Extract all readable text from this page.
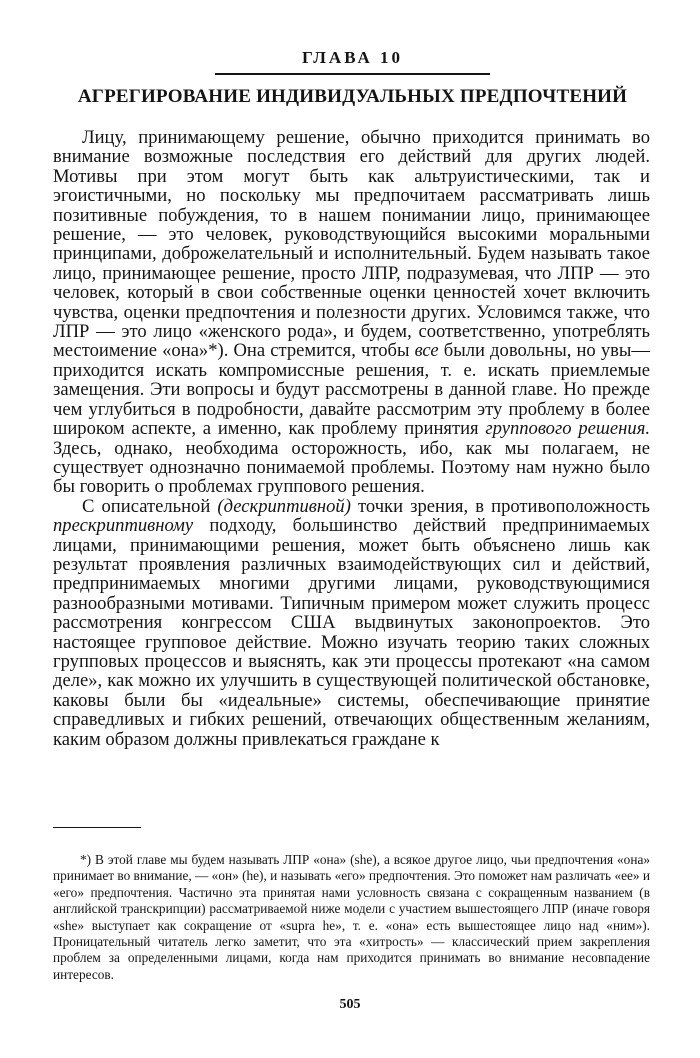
ГЛАВА 10
АГРЕГИРОВАНИЕ ИНДИВИДУАЛЬНЫХ ПРЕДПОЧТЕНИЙ

Лицу, принимающему решение, обычно приходится принимать во внимание возможные последствия его действий для других людей. Мотивы при этом могут быть как альтруистическими, так и эгоистичными, но поскольку мы предпочитаем рассматривать лишь позитивные побуждения, то в нашем понимании лицо, принимающее решение, — это человек, руководствующийся высокими моральными принципами, доброжелательный и исполнительный. Будем называть такое лицо, принимающее решение, просто ЛПР, подразумевая, что ЛПР — это человек, который в свои собственные оценки ценностей хочет включить чувства, оценки предпочтения и полезности других. Условимся также, что ЛПР — это лицо «женского рода», и будем, соответственно, употреблять местоимение «она»*). Она стремится, чтобы все были довольны, но увы— приходится искать компромиссные решения, т. е. искать приемлемые замещения. Эти вопросы и будут рассмотрены в данной главе. Но прежде чем углубиться в подробности, давайте рассмотрим эту проблему в более широком аспекте, а именно, как проблему принятия группового решения. Здесь, однако, необходима осторожность, ибо, как мы полагаем, не существует однозначно понимаемой проблемы. Поэтому нам нужно было бы говорить о проблемах группового решения.

С описательной (дескриптивной) точки зрения, в противоположность прескриптивному подходу, большинство действий предпринимаемых лицами, принимающими решения, может быть объяснено лишь как результат проявления различных взаимодействующих сил и действий, предпринимаемых многими другими лицами, руководствующимися разнообразными мотивами. Типичным примером может служить процесс рассмотрения конгрессом США выдвинутых законопроектов. Это настоящее групповое действие. Можно изучать теорию таких сложных групповых процессов и выяснять, как эти процессы протекают «на самом деле», как можно их улучшить в существующей политической обстановке, каковы были бы «идеальные» системы, обеспечивающие принятие справедливых и гибких решений, отвечающих общественным желаниям, каким образом должны привлекаться граждане к

*) В этой главе мы будем называть ЛПР «она» (she), а всякое другое лицо, чьи предпочтения «она» принимает во внимание, — «он» (he), и называть «его» предпочтения. Это поможет нам различать «ее» и «его» предпочтения. Частично эта принятая нами условность связана с сокращенным названием (в английской транскрипции) рассматриваемой ниже модели с участием вышестоящего ЛПР (иначе говоря «she» выступает как сокращение от «supra he», т. е. «она» есть вышестоящее лицо над «ним»). Проницательный читатель легко заметит, что эта «хитрость» — классический прием закрепления проблем за определенными лицами, когда нам приходится принимать во внимание несовпадение интересов.

505
